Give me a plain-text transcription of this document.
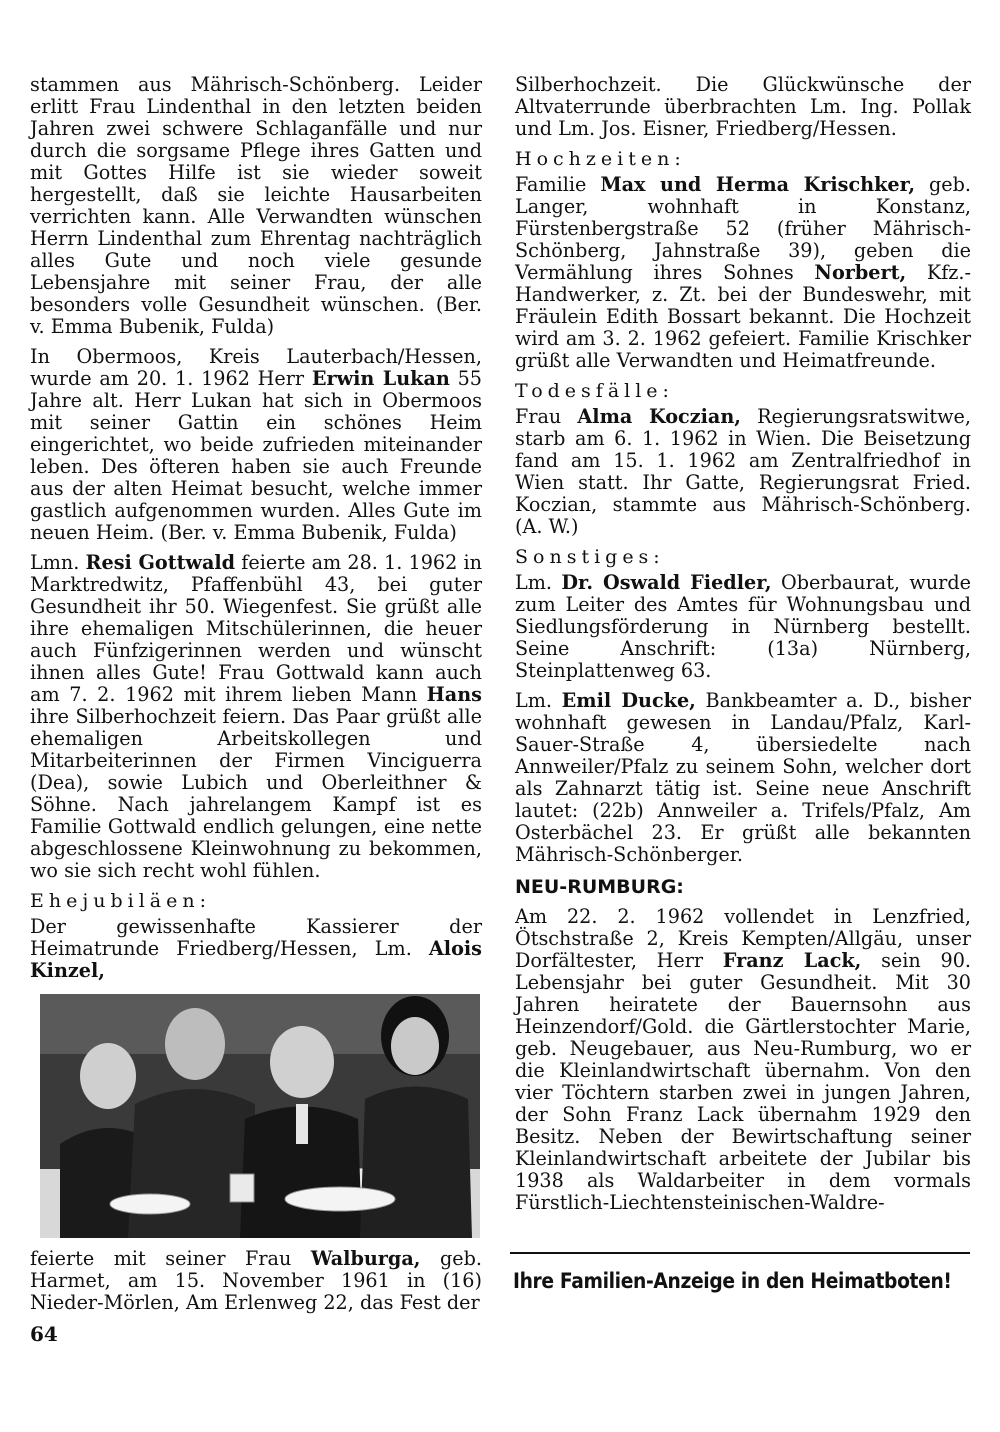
stammen aus Mährisch-Schönberg. Leider erlitt Frau Lindenthal in den letzten beiden Jahren zwei schwere Schlaganfälle und nur durch die sorgsame Pflege ihres Gatten und mit Gottes Hilfe ist sie wieder soweit hergestellt, daß sie leichte Hausarbeiten verrichten kann. Alle Verwandten wünschen Herrn Lindenthal zum Ehrentag nachträglich alles Gute und noch viele gesunde Lebensjahre mit seiner Frau, der alle besonders volle Gesundheit wünschen. (Ber. v. Emma Bubenik, Fulda)

In Obermoos, Kreis Lauterbach/Hessen, wurde am 20. 1. 1962 Herr Erwin Lukan 55 Jahre alt. Herr Lukan hat sich in Obermoos mit seiner Gattin ein schönes Heim eingerichtet, wo beide zufrieden miteinander leben. Des öfteren haben sie auch Freunde aus der alten Heimat besucht, welche immer gastlich aufgenommen wurden. Alles Gute im neuen Heim. (Ber. v. Emma Bubenik, Fulda)

Lmn. Resi Gottwald feierte am 28. 1. 1962 in Marktredwitz, Pfaffenbühl 43, bei guter Gesundheit ihr 50. Wiegenfest. Sie grüßt alle ihre ehemaligen Mitschülerinnen, die heuer auch Fünfzigerinnen werden und wünscht ihnen alles Gute! Frau Gottwald kann auch am 7. 2. 1962 mit ihrem lieben Mann Hans ihre Silberhochzeit feiern. Das Paar grüßt alle ehemaligen Arbeitskollegen und Mitarbeiterinnen der Firmen Vinciguerra (Dea), sowie Lubich und Oberleithner & Söhne. Nach jahrelangem Kampf ist es Familie Gottwald endlich gelungen, eine nette abgeschlossene Kleinwohnung zu bekommen, wo sie sich recht wohl fühlen.

Ehejubiläen:

Der gewissenhafte Kassierer der Heimatrunde Friedberg/Hessen, Lm. Alois Kinzel,

feierte mit seiner Frau Walburga, geb. Harmet, am 15. November 1961 in (16) Nieder-Mörlen, Am Erlenweg 22, das Fest der

Silberhochzeit. Die Glückwünsche der Altvaterrunde überbrachten Lm. Ing. Pollak und Lm. Jos. Eisner, Friedberg/Hessen.

Hochzeiten:

Familie Max und Herma Krischker, geb. Langer, wohnhaft in Konstanz, Fürstenbergstraße 52 (früher Mährisch-Schönberg, Jahnstraße 39), geben die Vermählung ihres Sohnes Norbert, Kfz.-Handwerker, z. Zt. bei der Bundeswehr, mit Fräulein Edith Bossart bekannt. Die Hochzeit wird am 3. 2. 1962 gefeiert. Familie Krischker grüßt alle Verwandten und Heimatfreunde.

Todesfälle:

Frau Alma Koczian, Regierungsratswitwe, starb am 6. 1. 1962 in Wien. Die Beisetzung fand am 15. 1. 1962 am Zentralfriedhof in Wien statt. Ihr Gatte, Regierungsrat Fried. Koczian, stammte aus Mährisch-Schönberg. (A. W.)

Sonstiges:

Lm. Dr. Oswald Fiedler, Oberbaurat, wurde zum Leiter des Amtes für Wohnungsbau und Siedlungsförderung in Nürnberg bestellt. Seine Anschrift: (13a) Nürnberg, Steinplattenweg 63.

Lm. Emil Ducke, Bankbeamter a. D., bisher wohnhaft gewesen in Landau/Pfalz, Karl-Sauer-Straße 4, übersiedelte nach Annweiler/Pfalz zu seinem Sohn, welcher dort als Zahnarzt tätig ist. Seine neue Anschrift lautet: (22b) Annweiler a. Trifels/Pfalz, Am Osterbächel 23. Er grüßt alle bekannten Mährisch-Schönberger.

NEU-RUMBURG:

Am 22. 2. 1962 vollendet in Lenzfried, Ötschstraße 2, Kreis Kempten/Allgäu, unser Dorfältester, Herr Franz Lack, sein 90. Lebensjahr bei guter Gesundheit. Mit 30 Jahren heiratete der Bauernsohn aus Heinzendorf/Gold. die Gärtlerstochter Marie, geb. Neugebauer, aus Neu-Rumburg, wo er die Kleinlandwirtschaft übernahm. Von den vier Töchtern starben zwei in jungen Jahren, der Sohn Franz Lack übernahm 1929 den Besitz. Neben der Bewirtschaftung seiner Kleinlandwirtschaft arbeitete der Jubilar bis 1938 als Waldarbeiter in dem vormals Fürstlich-Liechtensteinischen-Waldre-

Ihre Familien-Anzeige in den Heimatboten!
64
